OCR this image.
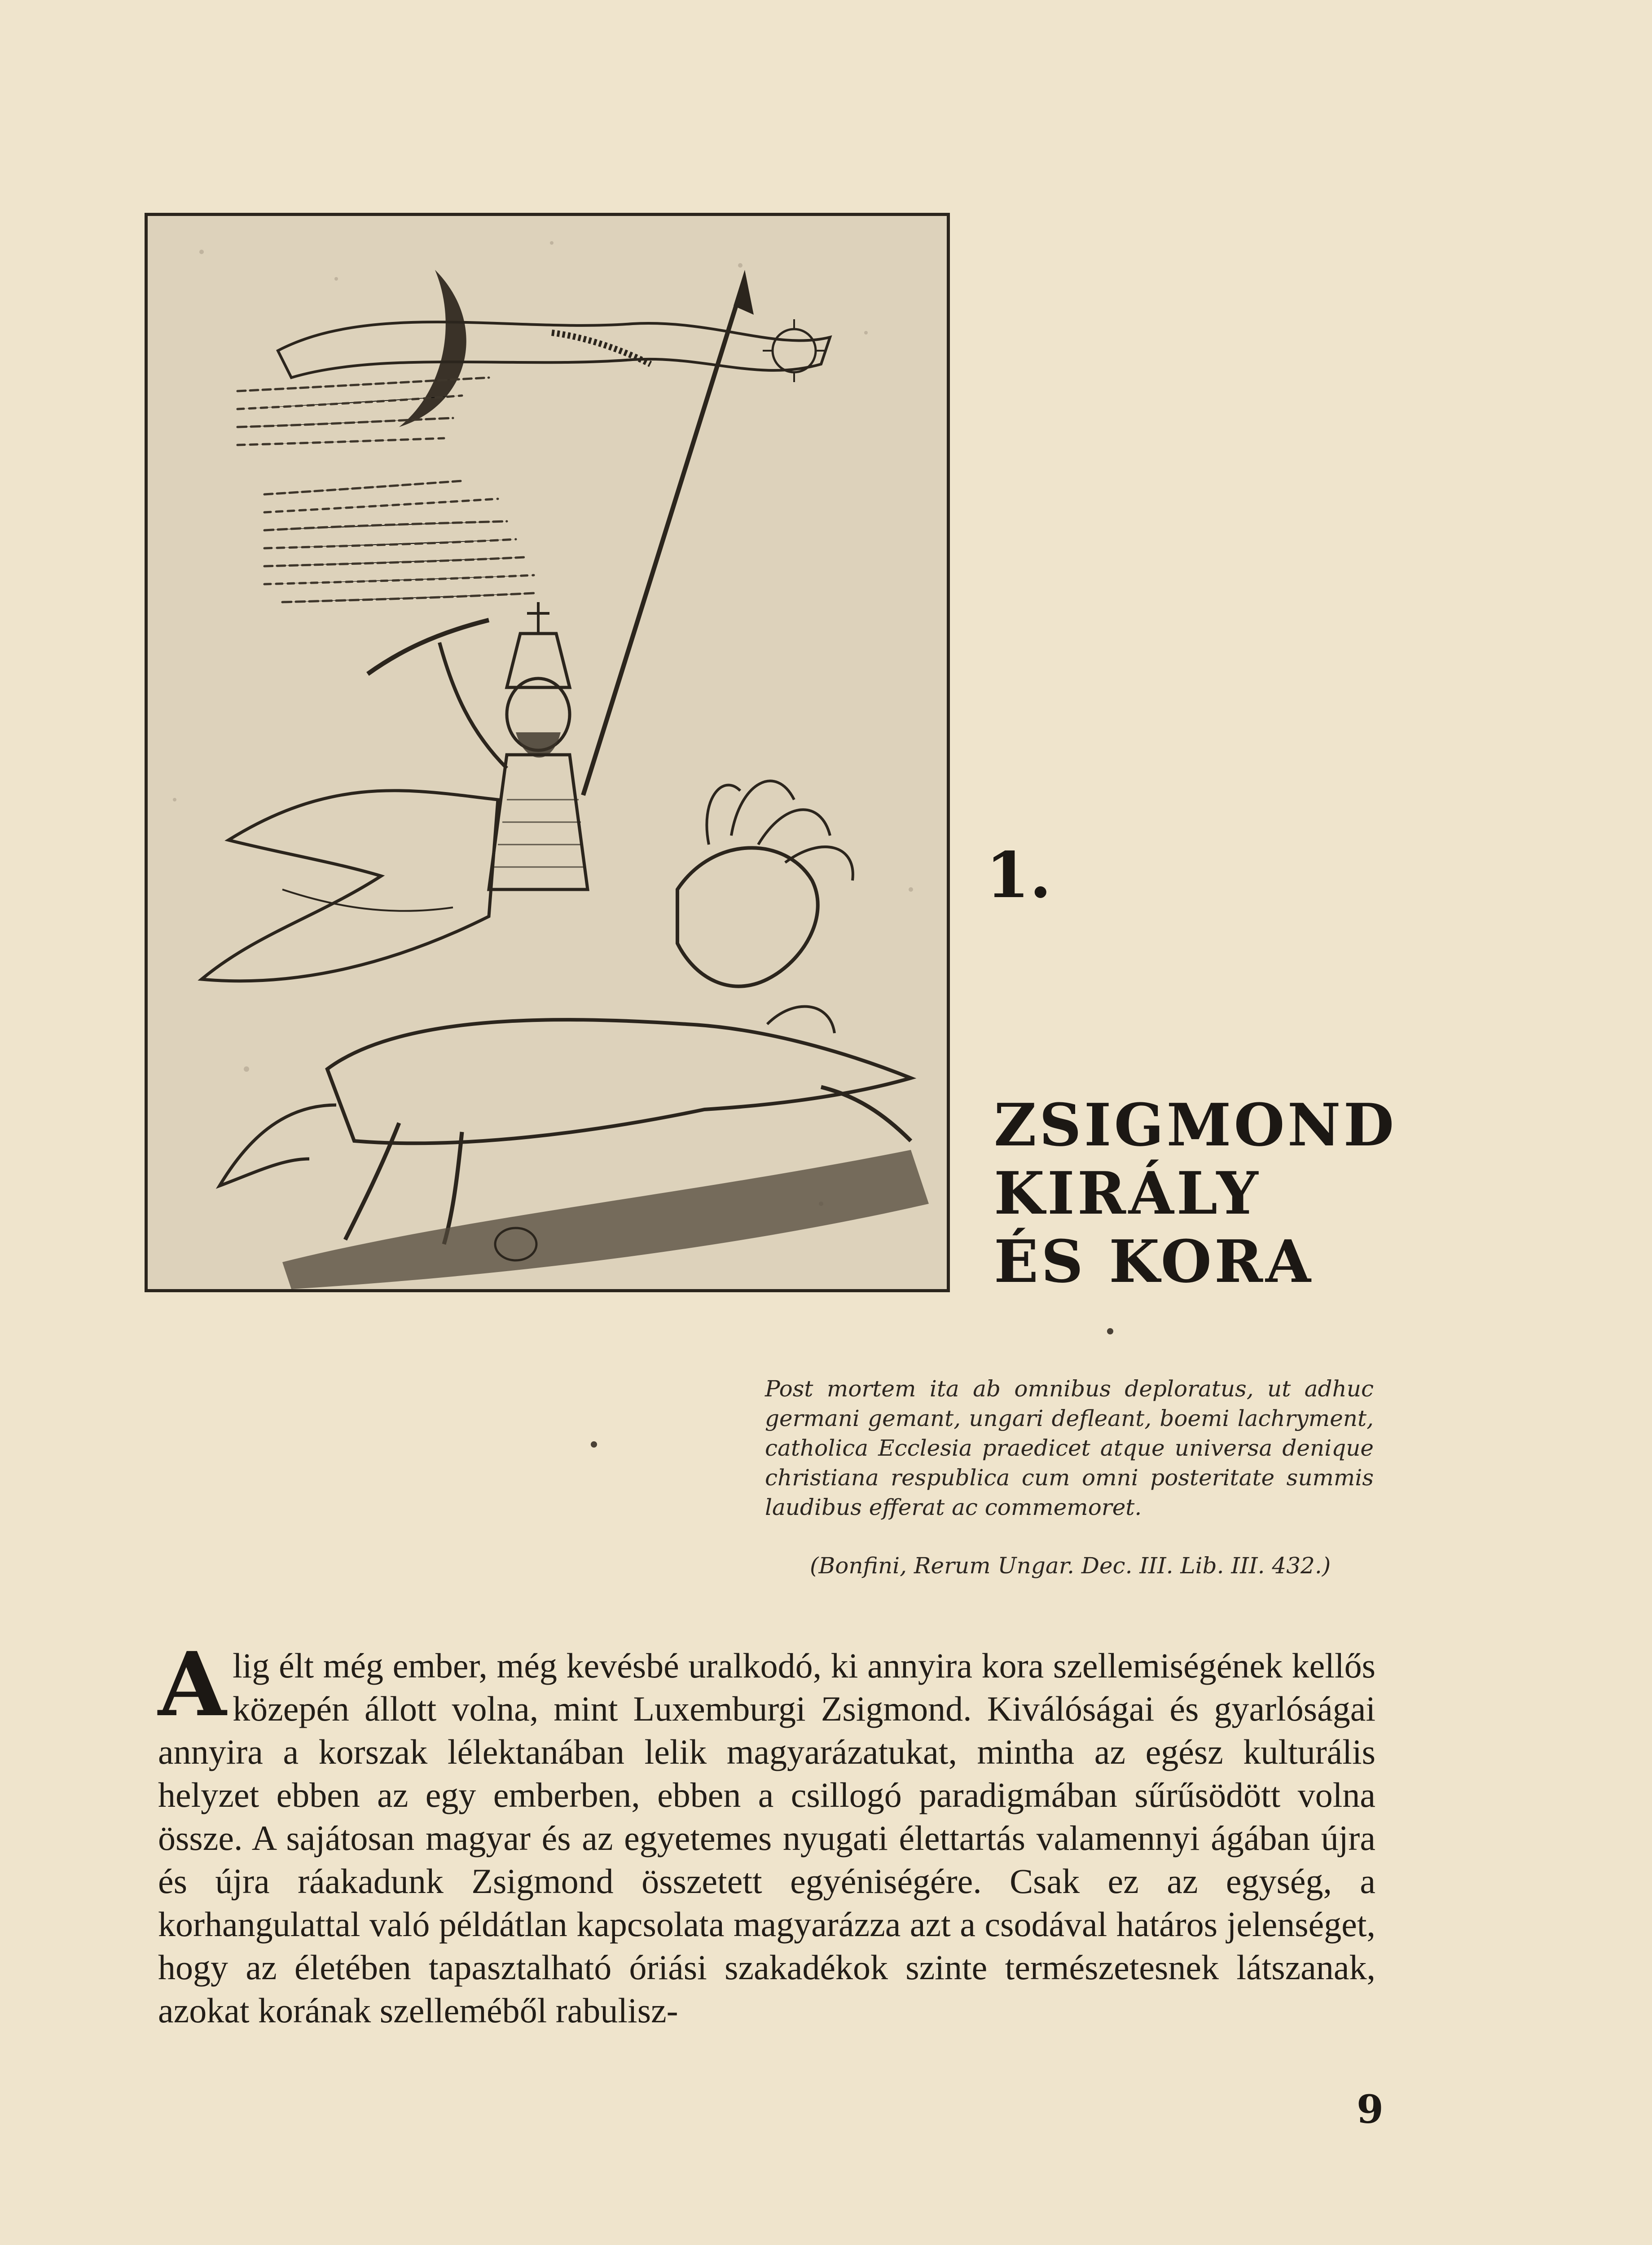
1.
ZSIGMOND
KIRÁLY
ÉS KORA
Post mortem ita ab omnibus deploratus, ut adhuc germani gemant, ungari defleant, boemi lachryment, catholica Ecclesia praedicet atque universa denique christiana respublica cum omni posteritate summis laudibus efferat ac commemoret.
(Bonfini, Rerum Ungar. Dec. III. Lib. III. 432.)
Alig élt még ember, még kevésbé uralkodó, ki annyira kora szellemiségének kellős közepén állott volna, mint Luxemburgi Zsigmond. Kiválóságai és gyarlóságai annyira a korszak lélektanában lelik magyarázatukat, mintha az egész kulturális helyzet ebben az egy emberben, ebben a csillogó paradigmában sűrűsödött volna össze. A sajátosan magyar és az egyetemes nyugati élettartás valamennyi ágában újra és újra ráakadunk Zsigmond összetett egyéniségére. Csak ez az egység, a korhangulattal való példátlan kapcsolata magyarázza azt a csodával határos jelenséget, hogy az életében tapasztalható óriási szakadékok szinte természetesnek látszanak, azokat korának szelleméből rabulisz-
9
